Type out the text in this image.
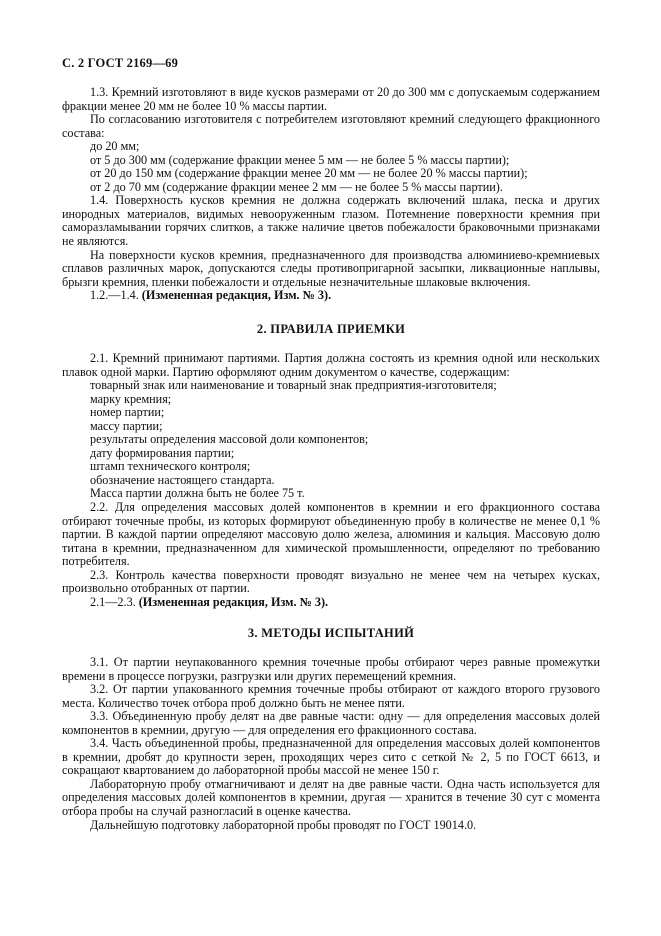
С. 2 ГОСТ 2169—69

1.3. Кремний изготовляют в виде кусков размерами от 20 до 300 мм с допускаемым содержанием фракции менее 20 мм не более 10 % массы партии.

По согласованию изготовителя с потребителем изготовляют кремний следующего фракционного состава:

до 20 мм;

от 5 до 300 мм (содержание фракции менее 5 мм — не более 5 % массы партии);

от 20 до 150 мм (содержание фракции менее 20 мм — не более 20 % массы партии);

от 2 до 70 мм (содержание фракции менее 2 мм — не более 5 % массы партии).

1.4. Поверхность кусков кремния не должна содержать включений шлака, песка и других инородных материалов, видимых невооруженным глазом. Потемнение поверхности кремния при саморазламывании горячих слитков, а также наличие цветов побежалости браковочными признаками не являются.

На поверхности кусков кремния, предназначенного для производства алюминиево-кремниевых сплавов различных марок, допускаются следы противопригарной засыпки, ликвационные наплывы, брызги кремния, пленки побежалости и отдельные незначительные шлаковые включения.

1.2.—1.4. (Измененная редакция, Изм. № 3).

2. ПРАВИЛА ПРИЕМКИ

2.1. Кремний принимают партиями. Партия должна состоять из кремния одной или нескольких плавок одной марки. Партию оформляют одним документом о качестве, содержащим:

товарный знак или наименование и товарный знак предприятия-изготовителя;

марку кремния;

номер партии;

массу партии;

результаты определения массовой доли компонентов;

дату формирования партии;

штамп технического контроля;

обозначение настоящего стандарта.

Масса партии должна быть не более 75 т.

2.2. Для определения массовых долей компонентов в кремнии и его фракционного состава отбирают точечные пробы, из которых формируют объединенную пробу в количестве не менее 0,1 % партии. В каждой партии определяют массовую долю железа, алюминия и кальция. Массовую долю титана в кремнии, предназначенном для химической промышленности, определяют по требованию потребителя.

2.3. Контроль качества поверхности проводят визуально не менее чем на четырех кусках, произвольно отобранных от партии.

2.1—2.3. (Измененная редакция, Изм. № 3).

3. МЕТОДЫ ИСПЫТАНИЙ

3.1. От партии неупакованного кремния точечные пробы отбирают через равные промежутки времени в процессе погрузки, разгрузки или других перемещений кремния.

3.2. От партии упакованного кремния точечные пробы отбирают от каждого второго грузового места. Количество точек отбора проб должно быть не менее пяти.

3.3. Объединенную пробу делят на две равные части: одну — для определения массовых долей компонентов в кремнии, другую — для определения его фракционного состава.

3.4. Часть объединенной пробы, предназначенной для определения массовых долей компонентов в кремнии, дробят до крупности зерен, проходящих через сито с сеткой № 2, 5 по ГОСТ 6613, и сокращают квартованием до лабораторной пробы массой не менее 150 г.

Лабораторную пробу отмагничивают и делят на две равные части. Одна часть используется для определения массовых долей компонентов в кремнии, другая — хранится в течение 30 сут с момента отбора пробы на случай разногласий в оценке качества.

Дальнейшую подготовку лабораторной пробы проводят по ГОСТ 19014.0.
